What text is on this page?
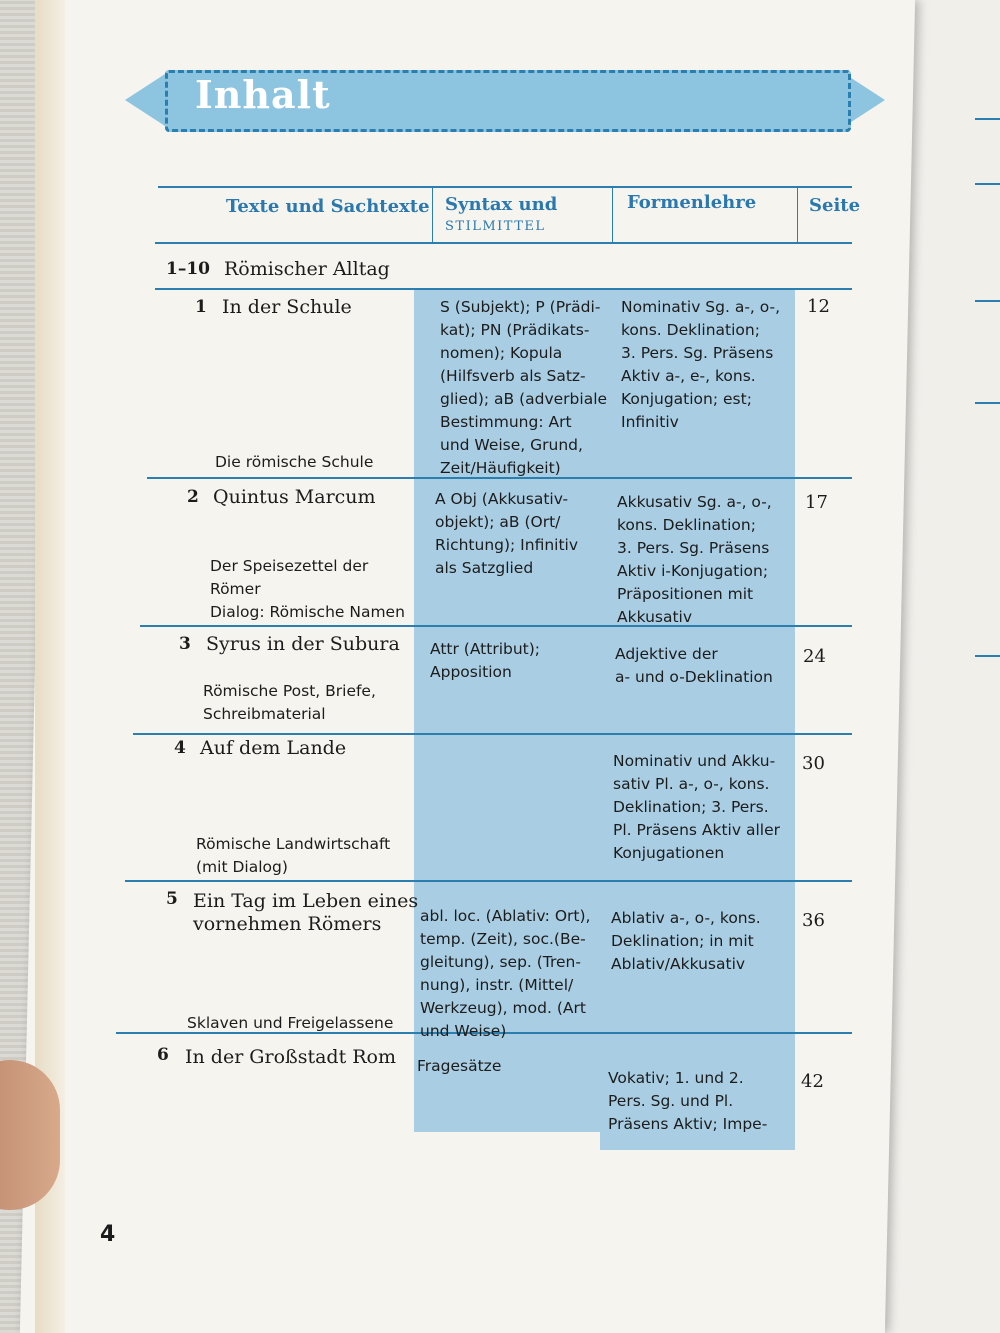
Inhalt
Texte und Sachtexte Syntax und
STILMITTEL
Formenlehre	Seite
1–10 Römischer Alltag
1 In der Schule
Die römische Schule
S (Subjekt); P (Prädi-
kat); PN (Prädikats-
nomen); Kopula
(Hilfsverb als Satz-
glied); aB (adverbiale
Bestimmung: Art
und Weise, Grund,
Zeit/Häufigkeit)
Nominativ Sg. a-, o-,
kons. Deklination;
3. Pers. Sg. Präsens
Aktiv a-, e-, kons.
Konjugation; est;
Infinitiv
12
2 Quintus Marcum
Der Speisezettel der
Römer
Dialog: Römische Namen
A Obj (Akkusativ-
objekt); aB (Ort/
Richtung); Infinitiv
als Satzglied
Akkusativ Sg. a-, o-,
kons. Deklination;
3. Pers. Sg. Präsens
Aktiv i-Konjugation;
Präpositionen mit
Akkusativ
17
3 Syrus in der Subura
Römische Post, Briefe,
Schreibmaterial
Attr (Attribut);
Apposition
Adjektive der
a- und o-Deklination
24
4 Auf dem Lande
Römische Landwirtschaft
(mit Dialog)
Nominativ und Akku-
sativ Pl. a-, o-, kons.
Deklination; 3. Pers.
Pl. Präsens Aktiv aller
Konjugationen
30
5 Ein Tag im Leben eines
vornehmen Römers
Sklaven und Freigelassene
abl. loc. (Ablativ: Ort),
temp. (Zeit), soc.(Be-
gleitung), sep. (Tren-
nung), instr. (Mittel/
Werkzeug), mod. (Art
und Weise)
Ablativ a-, o-, kons.
Deklination; in mit
Ablativ/Akkusativ
36
6 In der Großstadt Rom Fragesätze
Vokativ; 1. und 2.
Pers. Sg. und Pl.
Präsens Aktiv; Impe-
42
4
